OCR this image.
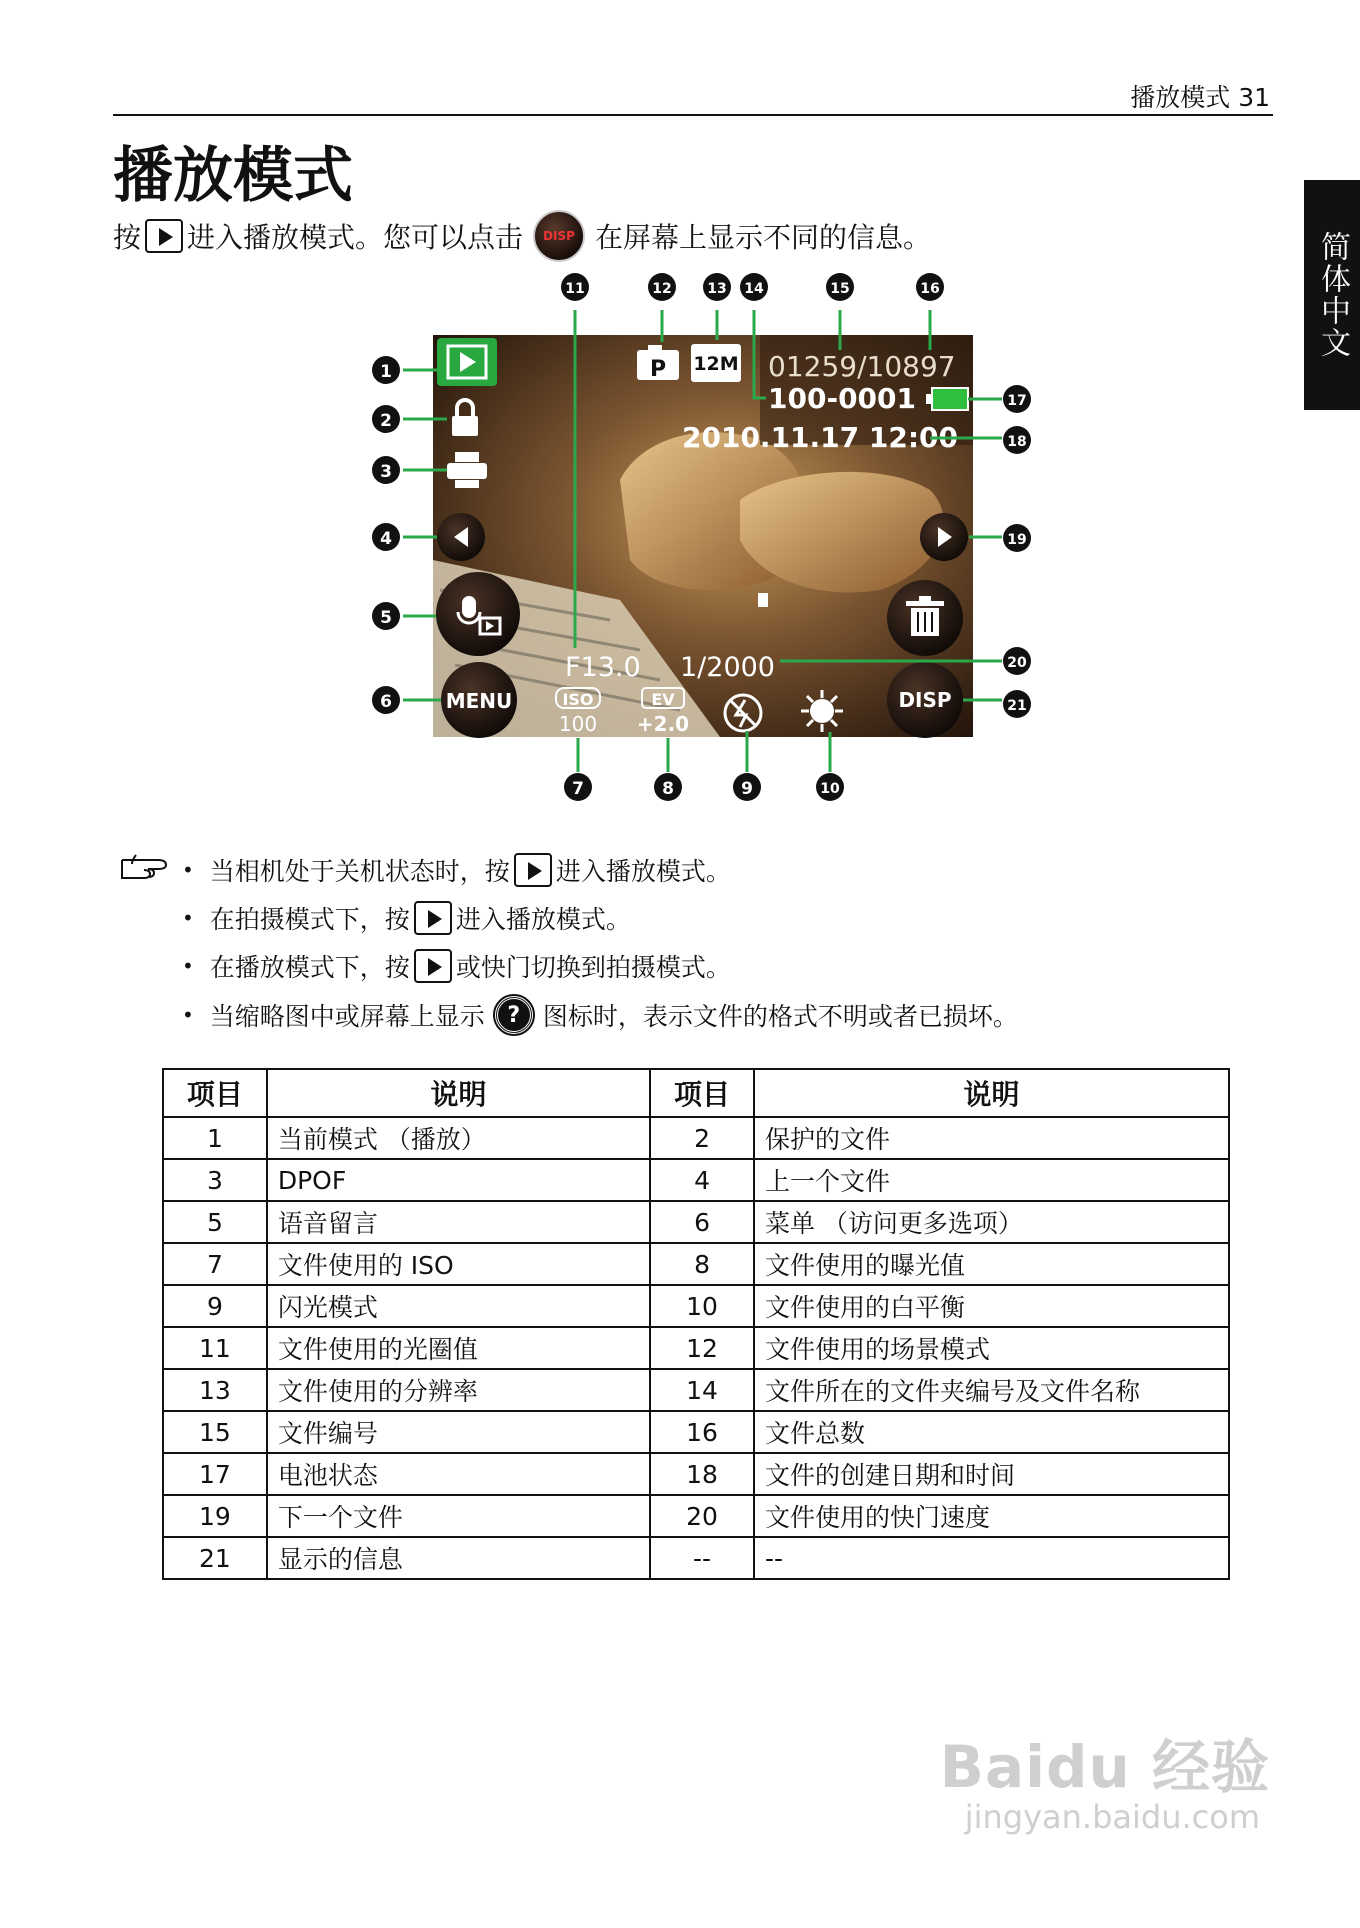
播放模式 31
简体中文
播放模式
按 进入播放模式。您可以点击	DISP 在屏幕上显示不同的信息。
MENU
P 12M 01259/10897
100-0001
2010.11.17 12:00
F13.0 1/2000
ISO
100
EV
+2.0
DISP
1
2
3
4
5
6
7	8	9	10
11	12	13 14	15	16
17
18
19
20
21
• 当相机处于关机状态时，按 进入播放模式。
• 在拍摄模式下，按 进入播放模式。
• 在播放模式下，按 或快门切换到拍摄模式。
• 当缩略图中或屏幕上显示	? 图标时，表示文件的格式不明或者已损坏。
项目	说明	项目	说明
1	当前模式 （播放）	2	保护的文件
3	DPOF	4	上一个文件
5	语音留言	6	菜单 （访问更多选项）
7	文件使用的 ISO	8	文件使用的曝光值
9	闪光模式	10	文件使用的白平衡
11	文件使用的光圈值	12	文件使用的场景模式
13	文件使用的分辨率	14	文件所在的文件夹编号及文件名称
15	文件编号	16	文件总数
17	电池状态	18	文件的创建日期和时间
19	下一个文件	20	文件使用的快门速度
21	显示的信息	--	--
Baidu 经验
jingyan.baidu.com
